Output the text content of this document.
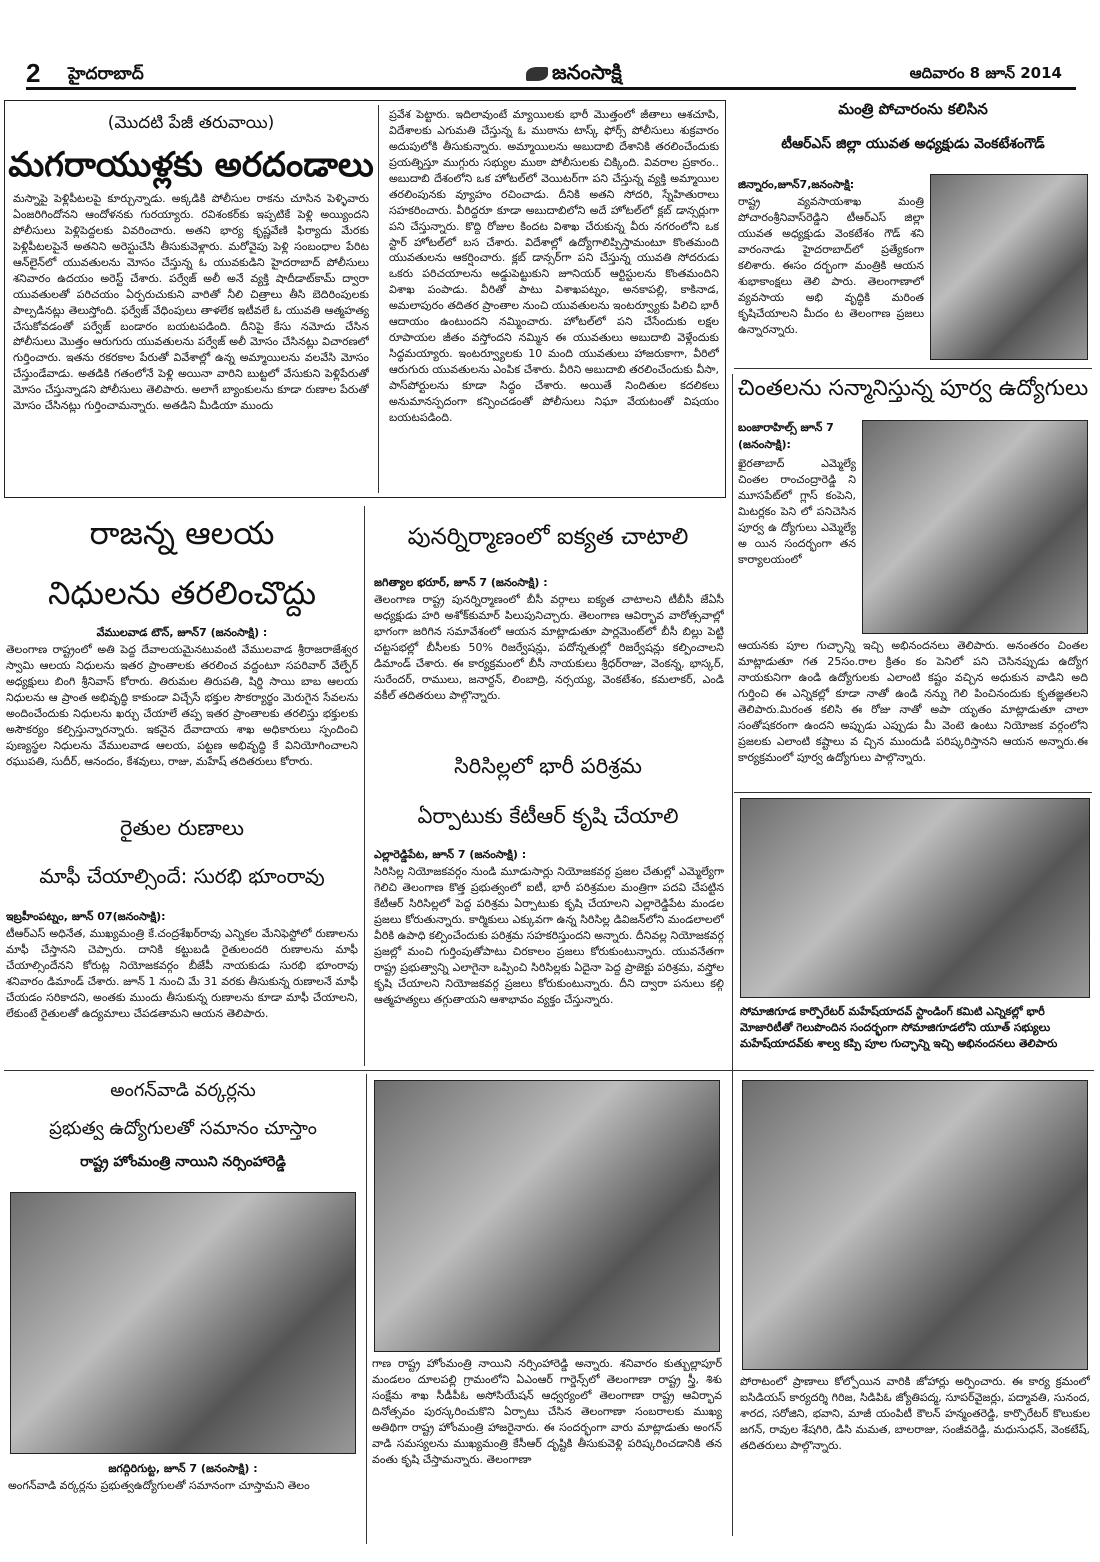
2 హైదరాబాద్	జనంసాక్షి	ఆదివారం 8 జూన్ 2014
(మొదటి పేజీ తరువాయి)
మగరాయుళ్లకు అరదండాలు
మస్నాపై పెళ్లిపీటలపై కూర్చున్నాడు. అక్కడికి పోలీసుల రాకను చూసిన పెళ్ళివారు ఏంజరిగిందోనని ఆందోళనకు గురయ్యారు. రవిశంకర్‌కు ఇప్పటికే పెళ్లి అయ్యిందని పోలీసులు పెళ్లిపెద్దలకు వివరించారు. అతని భార్య కృష్ణవేణి ఫిర్యాదు మేరకు పెళ్లిపీటలపైనే అతనిని అరెస్టుచేసి తీసుకువెళ్లారు. మరోవైపు పెళ్లి సంబంధాల పేరిట ఆన్‌లైన్‌లో యువతులను మోసం చేస్తున్న ఓ యువకుడిని హైదరాబాద్ పోలీసులు శనివారం ఉదయం అరెస్ట్ చేశారు. పర్వేజ్ అలీ అనే వ్యక్తి షాదీడాట్‌కామ్ ద్వారా యువతులతో పరిచయం ఏర్పరుచుకుని వారితో నీలి చిత్రాలు తీసి బెదిరింపులకు పాల్పడినట్లు తెలుస్తోంది. ఫర్వేజ్ వేధింపులు తాళలేక ఇటీవలే ఓ యువతి ఆత్మహత్య చేసుకోవడంతో పర్వేజ్ బండారం బయటపడింది. దీనిపై కేసు నమోదు చేసిన పోలీసులు మొత్తం ఆరుగురు యువతులను పర్వేజ్ అలీ మోసం చేసినట్లు విచారణలో గుర్తించారు. ఇతను రకరకాల పేరుతో వివేశాల్లో ఉన్న అమ్మాయిలను వలవేసి మోసం చేస్తుండేవాడు. అతడికి గతంలోనే పెళ్లి అయినా వారిని బుట్టలో వేసుకుని పెళ్లిపేరుతో మోసం చేస్తున్నాడని పోలీసులు తెలిపారు. అలాగే బ్యాంకులను కూడా రుణాల పేరుతో మోసం చేసినట్లు గుర్తించామన్నారు. అతడిని మీడియా ముందు
ప్రవేశ పెట్టారు. ఇదిలావుంటే మ్యాయిలకు భారీ మొత్తంలో జీతాలు ఆశచూపి, విదేశాలకు ఎగుమతి చేస్తున్న ఓ ముఠాను టాస్క్ ఫోర్స్ పోలీసులు శుక్రవారం అదుపులోకి తీసుకున్నారు. అమ్మాయిలను అబుదాబి దేశానికి తరలించేందుకు ప్రయత్నిస్తూ ముగ్గురు సభ్యుల ముఠా పోలీసులకు చిక్కింది. వివరాల ప్రకారం.. అబుదాబి దేశంలోని ఒక హోటల్‌లో వెయిటర్‌గా పని చేస్తున్న వ్యక్తి అమ్మాయిల తరలింపునకు వ్యూహం రచించాడు. దీనికి అతని సోదరి, స్నేహితురాలు సహకరించారు. వీరిద్దరూ కూడా అబుదాబిలోని అదే హోటల్‌లో క్లబ్ డాన్సర్లుగా పని చేస్తున్నారు. కొద్ది రోజుల కిందట విశాఖ చేరుకున్న వీరు నగరంలోని ఒక స్టార్ హోటల్‌లో బస చేశారు. విదేశాల్లో ఉద్యోగాలిప్పిస్తామంటూ కొంతమంది యువతులను ఆకర్షించారు. క్లబ్ డాన్సర్‌గా పని చేస్తున్న యువతి సోదరుడు ఒకరు పరిచయాలను అడ్డుపెట్టుకుని జూనియర్ ఆర్టిస్టులను కొంతమందిని విశాఖ పంపాడు. వీరితో పాటు విశాఖపట్నం, అనకాపల్లి, కాకినాడ, అమలాపురం తదితర ప్రాంతాల నుంచి యువతులను ఇంటర్వ్యూకు పిలిచి భారీ ఆదాయం ఉంటుందని నమ్మించారు. హోటల్‌లో పని చేసేందుకు లక్షల రూపాయల జీతం వస్తోందని నమ్మిన ఈ యువతులు అబుదాబి వెళ్లేందుకు సిద్ధమయ్యారు. ఇంటర్వ్యూలకు 10 మంది యువతులు హాజరుకాగా, వీరిలో ఆరుగురు యువతులను ఎంపిక చేశారు. వీరిని అబుదాబి తరలించేందుకు వీసా, పాస్‌పోర్టులను కూడా సిద్ధం చేశారు. అయితే నిందితుల కదలికలు అనుమానస్పదంగా కన్పించడంతో పోలీసులు నిఘా వేయటంతో విషయం బయటపడింది.
మంత్రి పోచారంను కలిసిన
టీఆర్ఎస్ జిల్లా యువత అధ్యక్షుడు వెంకటేశంగౌడ్
జిన్నారం,జూన్7,జనంసాక్షి:
రాష్ట్ర వ్యవసాయశాఖ మంత్రి పోచారంశ్రీనివాస్‌రెడ్డిని టీఆర్ఎస్ జిల్లా యువత అధ్యక్షుడు వెంకటేశం గౌడ్ శని వారంనాడు హైదరాబాద్‌లో ప్రత్యేకంగా కలిశారు. ఈసం దర్భంగా మంత్రికి ఆయన శుభాకాంక్షలు తెలి పారు. తెలంగాణాలో వ్యవసాయ అభి వృద్ధికి మరింత కృషిచేయాలని మీదం ట తెలంగాణ ప్రజలు ఉన్నారన్నారు.
చింతలను సన్మానిస్తున్న పూర్వ ఉద్యోగులు
బంజారాహిల్స్ జూన్ 7 (జనంసాక్షి):
ఖైరతాబాద్ ఎమ్మెల్యే చింతల రాంచంద్రారెడ్డి ని మూసపేట్‌లో గ్లాస్ కంపెని, మిటర్లకం పెని లో పనిచెసిన పూర్వ ఉ ద్యోగులు ఎమ్మెల్యే అ యిన సందర్భంగా తన కార్యాలయంలో
ఆయనకు పూల గుచ్ఛాన్ని ఇచ్చి అభినందనలు తెలిపారు. అనంతరం చింతల మాట్లాడుతూ గత 25సం.రాల క్రితం కం పెనిలో పని చెసినప్పుడు ఉద్యోగ నాయకునిగా ఉండి ఉద్యోగులకు ఎలాంటి కష్టం వచ్చిన అధుకున వాడిని అది గుర్తించి ఈ ఎన్నికల్లో కూడా నాతో ఉండి నన్ను గెలి పించినందుకు కృతజ్ఞతలని తెలిపారు.మిరంత కలిసి ఈ రోజు నాతో అపా యృతం మాట్లాడుతూ చాలా సంతోషకరంగా ఉందని అప్పుడు ఎప్పుడు మీ వెంటె ఉంటు నియోజక వర్గంలోని ప్రజలకు ఎలాంటి కష్టాలు వ చ్చిన ముందుడి పరిష్కరిస్తానని ఆయన అన్నారు.ఈ కార్యక్రమంలో పూర్వ ఉద్యోగులు పాల్గొన్నారు.
సోమాజిగూడ కార్పొరేటర్ మహేష్‌యాదవ్ స్టాండింగ్ కమిటి ఎన్నికల్లో భారీ మోజారిటీతో గెలుపొందిన సందర్భంగా సోమాజిగూడలోని యూత్ సభ్యులు మహేష్‌యాదవ్‌కు శాల్వ కప్పి పూల గుచ్ఛాన్ని ఇచ్చి అభినందనలు తెలిపారు
రాజన్న ఆలయ
నిధులను తరలించొద్దు
వేములవాడ టౌన్, జూన్7 (జనంసాక్షి) :
తెలంగాణ రాష్ట్రంలో అతి పెద్ద దేవాలయమైనటువంటి వేములవాడ శ్రీరాజరాజేశ్వర స్వామి ఆలయ నిధులను ఇతర ప్రాంతాలకు తరలించ వద్దంటూ సపరివార్ వేల్ఫేర్ అధ్యక్షులు బింగి శ్రీనివాస్ కోరారు. తిరుమల తిరుపతి, షిర్డి సాయి బాబ ఆలయ నిధులను ఆ ప్రాంత అభివృద్ధి కాకుండా విచ్చేసే భక్తుల సౌకర్యార్థం మెరుగైన సేవలను అందించేందుకు నిధులను ఖర్చు చేయాలే తప్ప ఇతర ప్రాంతాలకు తరలిస్తు భక్తులకు అసౌకర్యం కల్పిస్తున్నారన్నారు. ఇకనైన దేవాదాయ శాఖ అధికారులు స్పందించి పుణ్యస్థల నిధులను వేములవాడ ఆలయ, పట్టణ అభివృద్ధి కే వినియోగించాలని రఘుపతి, సుదీర్, ఆనందం, కేశవులు, రాజు, మహేష్ తదితరులు కోరారు.
రైతుల రుణాలు
మాఫీ చేయాల్సిందే: సురభి భూంరావు
ఇబ్రహీంపట్నం, జూన్ 07(జనంసాక్షి):
టీఆర్ఎస్ అధినేత, ముఖ్యమంత్రి కే.చంద్రశేఖర్‌రావు ఎన్నికల మేనిఫెస్టోలో రుణాలను మాఫీ చేస్తానని చెప్పారు. దానికి కట్టుబడి రైతులందరి రుణాలను మాఫీ చేయాల్సిందేనని కోరుట్ల నియోజకవర్గం బీజేపీ నాయకుడు సురభి భూంరావు శనివారం డిమాండ్ చేశారు. జూన్ 1 నుంచి మే 31 వరకు తీసుకున్న రుణాలనే మాఫీ చేయడం సరికాదని, అంతకు ముందు తీసుకున్న రుణాలను కూడా మాఫీ చేయాలని, లేకుంటే రైతులతో ఉద్యమాలు చేపడతామని ఆయన తెలిపారు.
పునర్నిర్మాణంలో ఐక్యత చాటాలి
జగిత్యాల భరూర్, జూన్ 7 (జనంసాక్షి) :
తెలంగాణ రాష్ట్ర పునర్నిర్మాణంలో బీసీ వర్గాలు ఐక్యత చాటాలని టీబీసీ జేఏసీ అధ్యక్షుడు హరి అశోక్‌కుమార్ పిలుపునిచ్చారు. తెలంగాణ ఆవిర్భావ వారోత్సవాల్లో భాగంగా జరిగిన సమావేశంలో ఆయన మాట్లాడుతూ పార్లమెంట్‌లో బీసీ బిల్లు పెట్టి చట్టసభల్లో బీసీలకు 50% రిజర్వేషన్లు, పదోన్నతుల్లో రిజర్వేషన్లు కల్పించాలని డిమాండ్ చేశారు. ఈ కార్యక్రమంలో బీసీ నాయకులు శ్రీధర్‌రాజు, వెంకన్న, భాస్కర్, సురేందర్, రాములు, జనార్దన్, లింబాద్రి, నర్సయ్య, వెంకటేశం, కమలాకర్, ఎండి వకీల్ తదితరులు పాల్గొన్నారు.
సిరిసిల్లలో భారీ పరిశ్రమ
ఏర్పాటుకు కేటీఆర్ కృషి చేయాలి
ఎల్లారెడ్డిపేట, జూన్ 7 (జనంసాక్షి) :
సిరిసిల్ల నియోజకవర్గం నుండి మూడుసార్లు నియోజకవర్గ ప్రజల చేతుల్లో ఎమ్మెల్యేగా గెలిచి తెలంగాణ కొత్త ప్రభుత్వంలో ఐటీ, భారీ పరిశ్రమల మంత్రిగా పదవి చేపట్టిన కేటీఆర్ సిరిసిల్లలో పెద్ద పరిశ్రమ ఏర్పాటుకు కృషి చేయాలని ఎల్లారెడ్డిపేట మండల ప్రజలు కోరుతున్నారు. కార్మికులు ఎక్కువగా ఉన్న సిరిసిల్ల డివిజన్‌లోని మండలాలలో వీరికి ఉపాధి కల్పించేందుకు పరిశ్రమ సహకరిస్తుందని అన్నారు. దీనివల్ల నియోజకవర్గ ప్రజల్లో మంచి గుర్తింపుతోపాటు చిరకాలం ప్రజలు కోరుకుంటున్నారు. యువనేతగా రాష్ట్ర ప్రభుత్వాన్ని ఎలాగైనా ఒప్పించి సిరిసిల్లకు ఏదైనా పెద్ద ప్రాజెక్టు పరిశ్రమ, వస్త్రోల కృషి చేయాలని నియోజకవర్గ ప్రజలు కోరుకుంటున్నారు. దీని ద్వారా పనులు కల్గి ఆత్మహత్యలు తగ్గుతాయని ఆశాభావం వ్యక్తం చేస్తున్నారు.
అంగన్‌వాడి వర్కర్లను
ప్రభుత్వ ఉద్యోగులతో సమానం చూస్తాం
రాష్ట్ర హోంమంత్రి నాయిని నర్సింహారెడ్డి
జగద్గిరిగుట్ట, జూన్ 7 (జనంసాక్షి) :
అంగన్‌వాడి వర్కర్లను ప్రభుత్వఉద్యోగులతో సమానంగా చూస్తామని తెలం
గాణ రాష్ట్ర హోంమంత్రి నాయిని నర్సింహారెడ్డి అన్నారు. శనివారం కుత్బుల్లాపూర్ మండలం దూలపల్లి గ్రామంలోని ఏఎంఆర్ గార్డెన్స్‌లో తెలంగాణా రాష్ట్ర స్త్రీ, శిశు సంక్షేమ శాఖ సీడీపీఓ అసోసియేషన్ ఆధ్వర్యంలో తెలంగాణా రాష్ట్ర ఆవిర్భావ దినోత్సవం పురస్కరించుకొని ఏర్పాటు చేసిన తెలంగాణా సంబరాలకు ముఖ్య అతిథిగా రాష్ట్ర హోంమంత్రి హాజరైనారు. ఈ సందర్భంగా వారు మాట్లాడుతు అంగన్ వాడి సమస్యలను ముఖ్యమంత్రి కేసీఆర్ దృష్టికి తీసుకువెళ్లి పరిష్కరించడానికి తన వంతు కృషి చేస్తామన్నారు. తెలంగాణా
పోరాటంలో ప్రాణాలు కోల్పోయిన వారికి జోహార్లు అర్పించారు. ఈ కార్య క్రమంలో ఐసిడియస్ కార్యదర్శి గిరిజ, సిడిపిఓ జ్యోతిపద్మ, సూపర్‌వైజర్లు, పద్మావతి, సునంద, శారద, సరోజిని, భవాని, మాజీ యంపిటీ కౌలన్ హన్మంతరెడ్డి, కార్పొరేటర్ కొలుకుల జగన్, రావుల శేషగిరి, డిసి మమత, బాలరాజు, సంజీవరెడ్డి, మధుసుధన్, వెంకటేష్, తదితరులు పాల్గొన్నారు.
